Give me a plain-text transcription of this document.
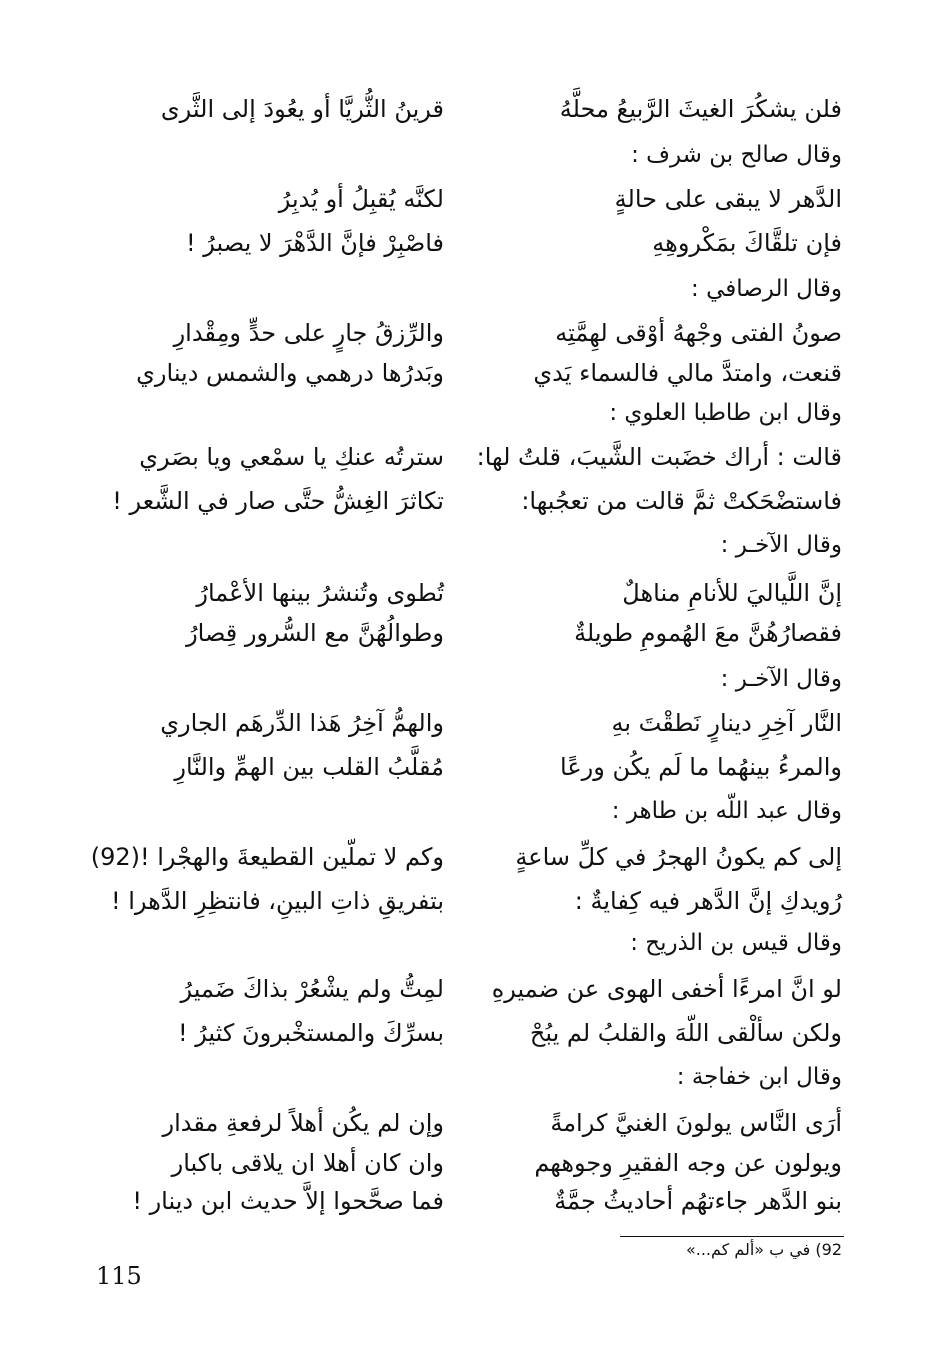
فلن يشكُرَ الغيثَ الرَّبيعُ محلَّهُ
قرينُ الثُّريَّا أو يعُودَ إلى الثَّرى
وقال صالح بن شرف :
الدَّهر لا يبقى على حالةٍ
لكنَّه يُقبِلُ أو يُدبِرُ
فإن تلقَّاكَ بمَكْروهِهِ
فاصْبِرْ فإنَّ الدَّهْرَ لا يصبرُ !
وقال الرصافي :
صونُ الفتى وجْههُ أوْقى لهِمَّتِه
والرِّزقُ جارٍ على حدٍّ ومِقْدارِ
قنعت، وامتدَّ مالي فالسماء يَدي
وبَدرُها درهمي والشمس ديناري
وقال ابن طاطبا العلوي :
قالت : أراك خضَبت الشَّيبَ، قلتُ لها:
سترتُه عنكِ يا سمْعي ويا بصَري
فاستضْحَكتْ ثمَّ قالت من تعجُبها:
تكاثرَ الغِشُّ حتَّى صار في الشَّعر !
وقال الآخـر :
إنَّ اللَّياليَ للأنامِ مناهلٌ
تُطوى وتُنشرُ بينها الأعْمارُ
فقصارُهُنَّ معَ الهُمومِ طويلةٌ
وطوالُهُنَّ مع السُّرور قِصارُ
وقال الآخـر :
النَّار آخِرِ دينارٍ نَطقْتَ بهِ
والهمُّ آخِرُ هَذا الدِّرهَم الجاري
والمرءُ بينهُما ما لَم يكُن ورعًا
مُقلَّبُ القلب بين الهمِّ والنَّارِ
وقال عبد اللّه بن طاهر :
إلى كم يكونُ الهجرُ في كلِّ ساعةٍ
وكم لا تملّين القطيعةَ والهجْرا !(92)
رُويدكِ إنَّ الدَّهر فيه كِفايةٌ :
بتفريقِ ذاتِ البينِ، فانتظِرِ الدَّهرا !
وقال قيس بن الذريح :
لو انَّ امرءًا أخفى الهوى عن ضميرهِ
لمِتُّ ولم يشْعُرْ بذاكَ ضَميرُ
ولكن سألْقى اللّهَ والقلبُ لم يبُحْ
بسرِّكَ والمستخْبرونَ كثيرُ !
وقال ابن خفاجة :
أرَى النَّاس يولونَ الغنيَّ كرامةً
وإن لم يكُن أهلاً لرفعةِ مقدار
ويولون عن وجه الفقيرِ وجوههم
وان كان أهلا ان يلاقى باكبار
بنو الدَّهر جاءتهُم أحاديثُ جمَّةٌ
فما صحَّحوا إلاَّ حديث ابن دينار !
92) في ب «ألم كم...»
115
